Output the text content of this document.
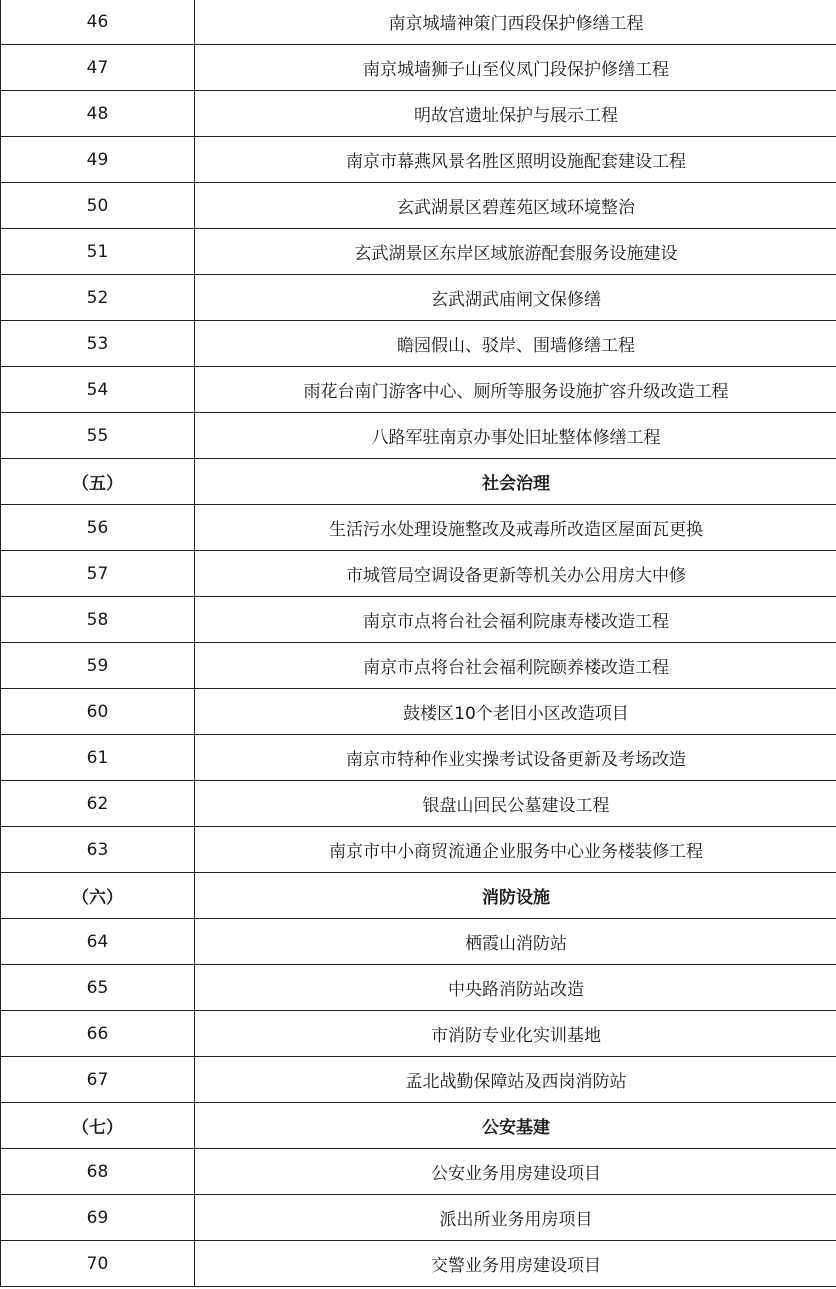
46	南京城墙神策门西段保护修缮工程
47	南京城墙狮子山至仪凤门段保护修缮工程
48	明故宫遗址保护与展示工程
49	南京市幕燕风景名胜区照明设施配套建设工程
50	玄武湖景区碧莲苑区域环境整治
51	玄武湖景区东岸区域旅游配套服务设施建设
52	玄武湖武庙闸文保修缮
53	瞻园假山、驳岸、围墙修缮工程
54	雨花台南门游客中心、厕所等服务设施扩容升级改造工程
55	八路军驻南京办事处旧址整体修缮工程
（五）	社会治理
56	生活污水处理设施整改及戒毒所改造区屋面瓦更换
57	市城管局空调设备更新等机关办公用房大中修
58	南京市点将台社会福利院康寿楼改造工程
59	南京市点将台社会福利院颐养楼改造工程
60	鼓楼区10个老旧小区改造项目
61	南京市特种作业实操考试设备更新及考场改造
62	银盘山回民公墓建设工程
63	南京市中小商贸流通企业服务中心业务楼装修工程
（六）	消防设施
64	栖霞山消防站
65	中央路消防站改造
66	市消防专业化实训基地
67	孟北战勤保障站及西岗消防站
（七）	公安基建
68	公安业务用房建设项目
69	派出所业务用房项目
70	交警业务用房建设项目
